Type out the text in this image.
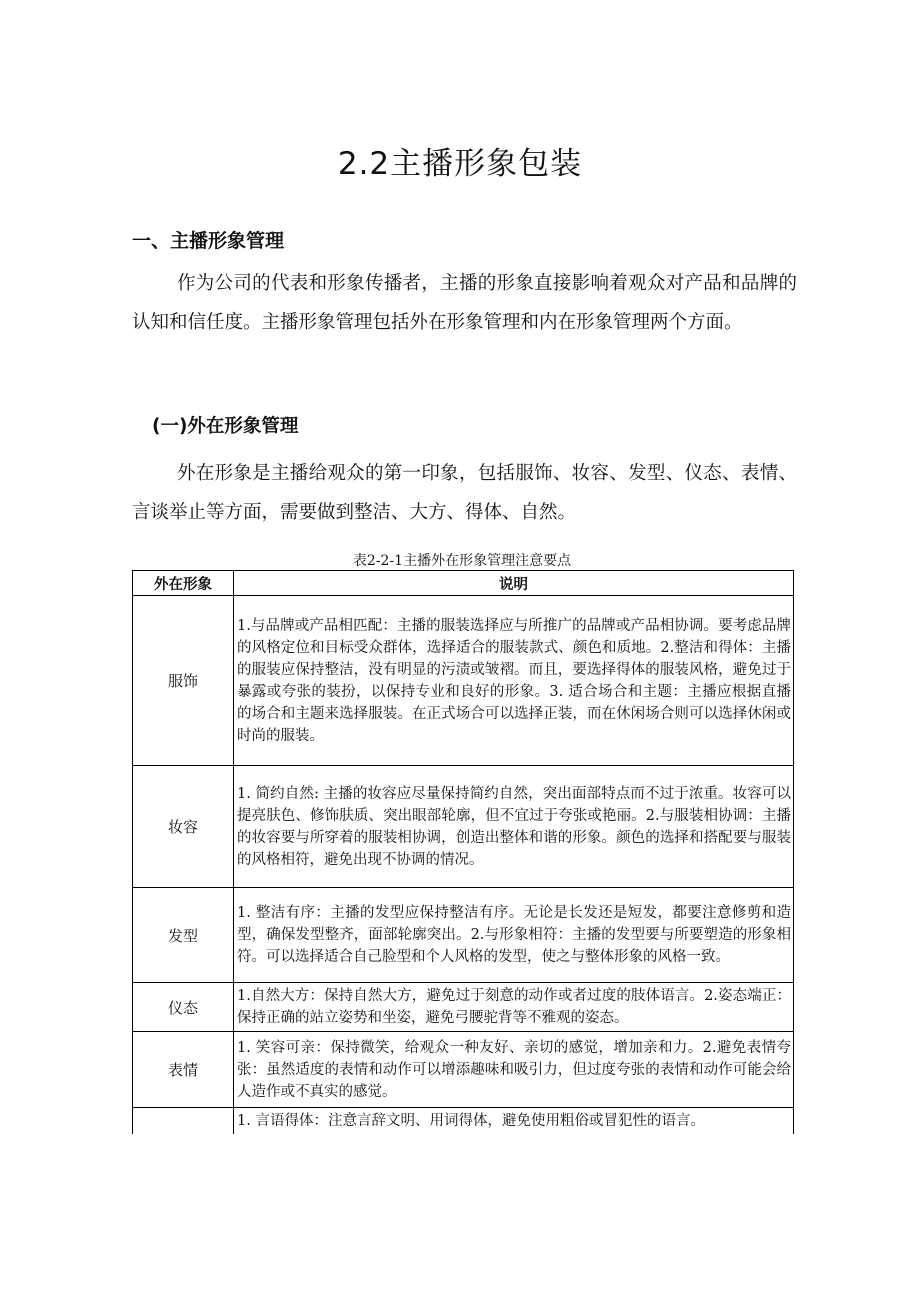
2.2主播形象包装
一、主播形象管理

作为公司的代表和形象传播者，主播的形象直接影响着观众对产品和品牌的认知和信任度。主播形象管理包括外在形象管理和内在形象管理两个方面。

(一)外在形象管理

外在形象是主播给观众的第一印象，包括服饰、妆容、发型、仪态、表情、言谈举止等方面，需要做到整洁、大方、得体、自然。

表2-2-1主播外在形象管理注意要点

外在形象	说明
服饰	1.与品牌或产品相匹配：主播的服装选择应与所推广的品牌或产品相协调。要考虑品牌的风格定位和目标受众群体，选择适合的服装款式、颜色和质地。2.整洁和得体：主播的服装应保持整洁，没有明显的污渍或皱褶。而且，要选择得体的服装风格，避免过于暴露或夸张的装扮，以保持专业和良好的形象。3. 适合场合和主题：主播应根据直播的场合和主题来选择服装。在正式场合可以选择正装，而在休闲场合则可以选择休闲或时尚的服装。
妆容	1. 简约自然: 主播的妆容应尽量保持简约自然，突出面部特点而不过于浓重。妆容可以提亮肤色、修饰肤质、突出眼部轮廓，但不宜过于夸张或艳丽。2.与服装相协调：主播的妆容要与所穿着的服装相协调，创造出整体和谐的形象。颜色的选择和搭配要与服装的风格相符，避免出现不协调的情况。
发型	1. 整洁有序：主播的发型应保持整洁有序。无论是长发还是短发，都要注意修剪和造型，确保发型整齐，面部轮廓突出。2.与形象相符：主播的发型要与所要塑造的形象相符。可以选择适合自己脸型和个人风格的发型，使之与整体形象的风格一致。
仪态	1.自然大方：保持自然大方，避免过于刻意的动作或者过度的肢体语言。2.姿态端正：保持正确的站立姿势和坐姿，避免弓腰驼背等不雅观的姿态。
表情	1. 笑容可亲：保持微笑，给观众一种友好、亲切的感觉，增加亲和力。2.避免表情夸张：虽然适度的表情和动作可以增添趣味和吸引力，但过度夸张的表情和动作可能会给人造作或不真实的感觉。
	1. 言语得体：注意言辞文明、用词得体，避免使用粗俗或冒犯性的语言。
